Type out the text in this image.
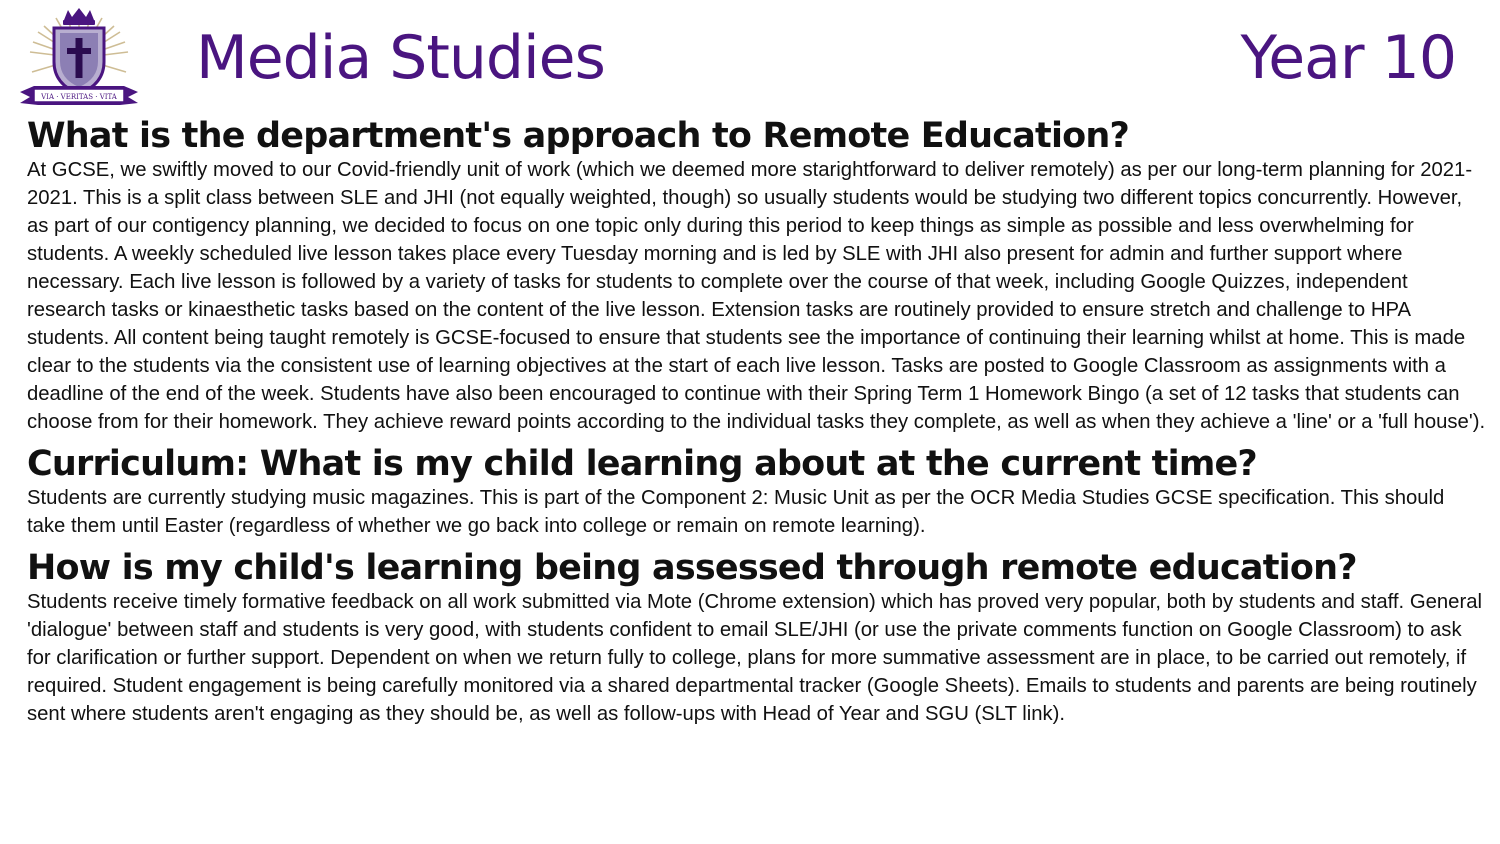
VIA · VERITAS · VITA
Media Studies	Year 10
What is the department's approach to Remote Education?

At GCSE, we swiftly moved to our Covid-friendly unit of work (which we deemed more starightforward to deliver remotely) as per our long-term planning for 2021- 2021. This is a split class between SLE and JHI (not equally weighted, though) so usually students would be studying two different topics concurrently. However, as part of our contigency planning, we decided to focus on one topic only during this period to keep things as simple as possible and less overwhelming for students. A weekly scheduled live lesson takes place every Tuesday morning and is led by SLE with JHI also present for admin and further support where necessary. Each live lesson is followed by a variety of tasks for students to complete over the course of that week, including Google Quizzes, independent research tasks or kinaesthetic tasks based on the content of the live lesson. Extension tasks are routinely provided to ensure stretch and challenge to HPA students. All content being taught remotely is GCSE-focused to ensure that students see the importance of continuing their learning whilst at home. This is made clear to the students via the consistent use of learning objectives at the start of each live lesson. Tasks are posted to Google Classroom as assignments with a deadline of the end of the week. Students have also been encouraged to continue with their Spring Term 1 Homework Bingo (a set of 12 tasks that students can choose from for their homework. They achieve reward points according to the individual tasks they complete, as well as when they achieve a 'line' or a 'full house').

Curriculum: What is my child learning about at the current time?

Students are currently studying music magazines. This is part of the Component 2: Music Unit as per the OCR Media Studies GCSE specification. This should take them until Easter (regardless of whether we go back into college or remain on remote learning).

How is my child's learning being assessed through remote education?

Students receive timely formative feedback on all work submitted via Mote (Chrome extension) which has proved very popular, both by students and staff. General 'dialogue' between staff and students is very good, with students confident to email SLE/JHI (or use the private comments function on Google Classroom) to ask for clarification or further support. Dependent on when we return fully to college, plans for more summative assessment are in place, to be carried out remotely, if required. Student engagement is being carefully monitored via a shared departmental tracker (Google Sheets). Emails to students and parents are being routinely sent where students aren't engaging as they should be, as well as follow-ups with Head of Year and SGU (SLT link).
